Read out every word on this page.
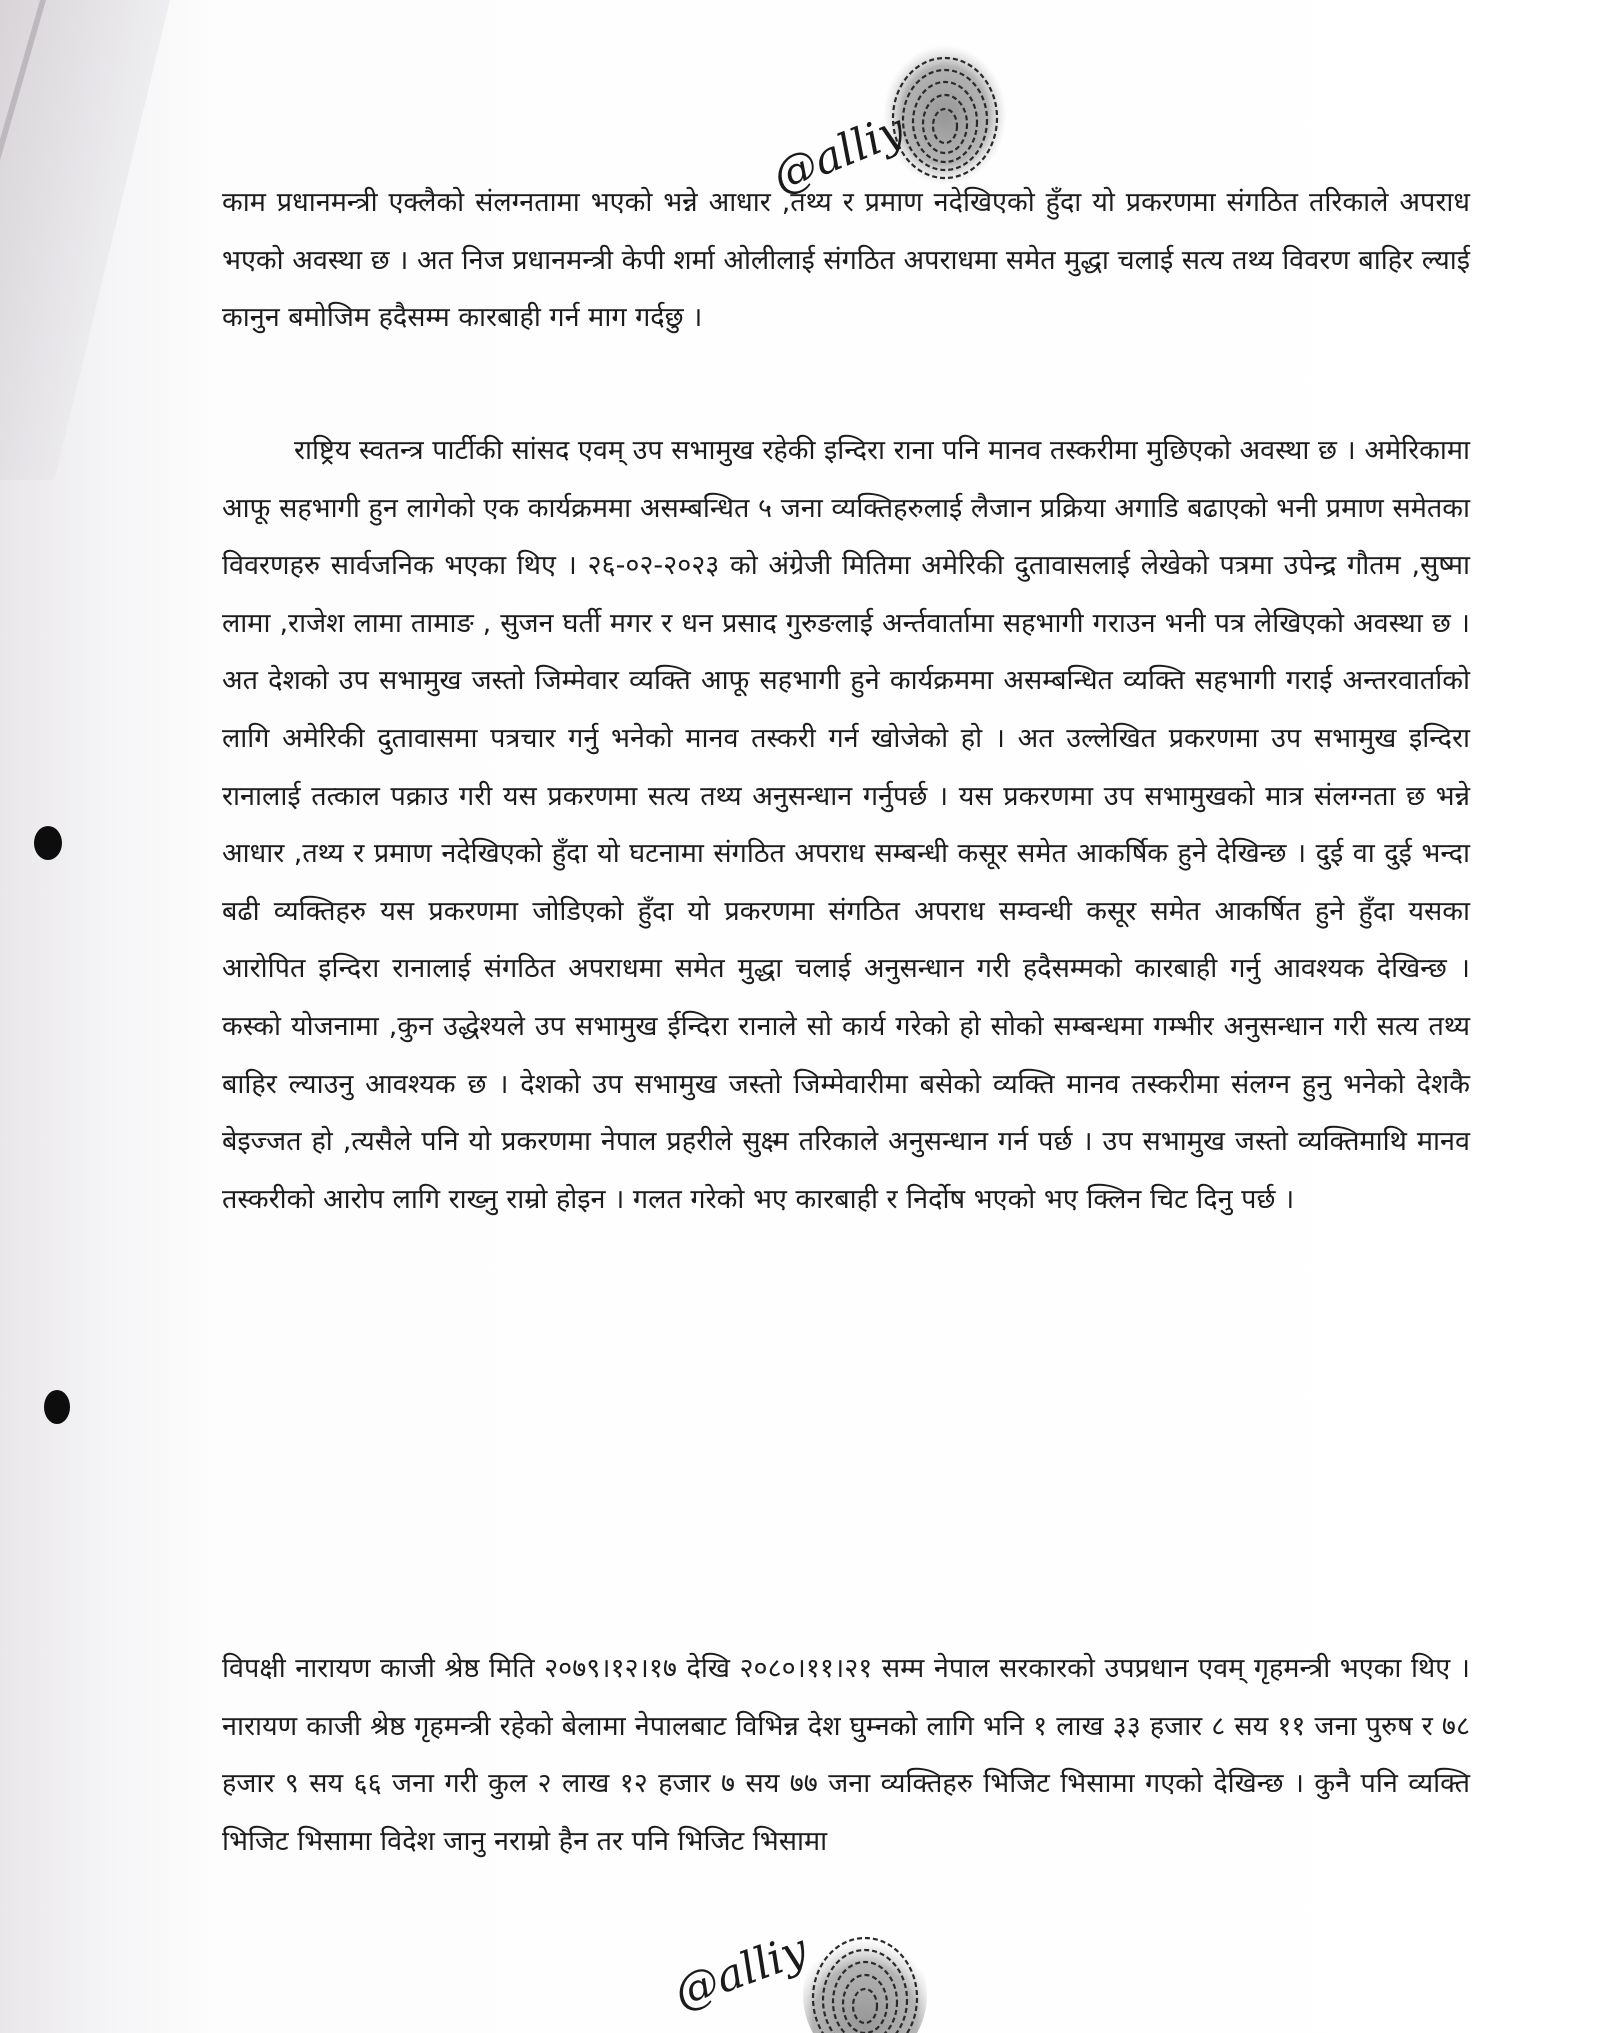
@alliy

काम प्रधानमन्त्री एक्लैको संलग्नतामा भएको भन्ने आधार ,तथ्य र प्रमाण नदेखिएको हुँदा यो प्रकरणमा संगठित तरिकाले अपराध भएको अवस्था छ । अत निज प्रधानमन्त्री केपी शर्मा ओलीलाई संगठित अपराधमा समेत मुद्धा चलाई सत्य तथ्य विवरण बाहिर ल्याई कानुन बमोजिम हदैसम्म कारबाही गर्न माग गर्दछु ।

राष्ट्रिय स्वतन्त्र पार्टीकी सांसद एवम् उप सभामुख रहेकी इन्दिरा राना पनि मानव तस्करीमा मुछिएको अवस्था छ । अमेरिकामा आफू सहभागी हुन लागेको एक कार्यक्रममा असम्बन्धित ५ जना व्यक्तिहरुलाई लैजान प्रक्रिया अगाडि बढाएको भनी प्रमाण समेतका विवरणहरु सार्वजनिक भएका थिए । २६-०२-२०२३ को अंग्रेजी मितिमा अमेरिकी दुतावासलाई लेखेको पत्रमा उपेन्द्र गौतम ,सुष्मा लामा ,राजेश लामा तामाङ , सुजन घर्ती मगर र धन प्रसाद गुरुङलाई अर्न्तवार्तामा सहभागी गराउन भनी पत्र लेखिएको अवस्था छ । अत देशको उप सभामुख जस्तो जिम्मेवार व्यक्ति आफू सहभागी हुने कार्यक्रममा असम्बन्धित व्यक्ति सहभागी गराई अन्तरवार्ताको लागि अमेरिकी दुतावासमा पत्रचार गर्नु भनेको मानव तस्करी गर्न खोजेको हो । अत उल्लेखित प्रकरणमा उप सभामुख इन्दिरा रानालाई तत्काल पक्राउ गरी यस प्रकरणमा सत्य तथ्य अनुसन्धान गर्नुपर्छ । यस प्रकरणमा उप सभामुखको मात्र संलग्नता छ भन्ने आधार ,तथ्य र प्रमाण नदेखिएको हुँदा यो घटनामा संगठित अपराध सम्बन्धी कसूर समेत आकर्षिक हुने देखिन्छ । दुई वा दुई भन्दा बढी व्यक्तिहरु यस प्रकरणमा जोडिएको हुँदा यो प्रकरणमा संगठित अपराध सम्वन्धी कसूर समेत आकर्षित हुने हुँदा यसका आरोपित इन्दिरा रानालाई संगठित अपराधमा समेत मुद्धा चलाई अनुसन्धान गरी हदैसम्मको कारबाही गर्नु आवश्यक देखिन्छ । कस्को योजनामा ,कुन उद्धेश्यले उप सभामुख ईन्दिरा रानाले सो कार्य गरेको हो सोको सम्बन्धमा गम्भीर अनुसन्धान गरी सत्य तथ्य बाहिर ल्याउनु आवश्यक छ । देशको उप सभामुख जस्तो जिम्मेवारीमा बसेको व्यक्ति मानव तस्करीमा संलग्न हुनु भनेको देशकै बेइज्जत हो ,त्यसैले पनि यो प्रकरणमा नेपाल प्रहरीले सुक्ष्म तरिकाले अनुसन्धान गर्न पर्छ । उप सभामुख जस्तो व्यक्तिमाथि मानव तस्करीको आरोप लागि राख्नु राम्रो होइन । गलत गरेको भए कारबाही र निर्दोष भएको भए क्लिन चिट दिनु पर्छ ।

विपक्षी नारायण काजी श्रेष्ठ मिति २०७९।१२।१७ देखि २०८०।११।२१ सम्म नेपाल सरकारको उपप्रधान एवम् गृहमन्त्री भएका थिए । नारायण काजी श्रेष्ठ गृहमन्त्री रहेको बेलामा नेपालबाट विभिन्न देश घुम्नको लागि भनि १ लाख ३३ हजार ८ सय ११ जना पुरुष र ७८ हजार ९ सय ६६ जना गरी कुल २ लाख १२ हजार ७ सय ७७ जना व्यक्तिहरु भिजिट भिसामा गएको देखिन्छ । कुनै पनि व्यक्ति भिजिट भिसामा विदेश जानु नराम्रो हैन तर पनि भिजिट भिसामा

@alliy
